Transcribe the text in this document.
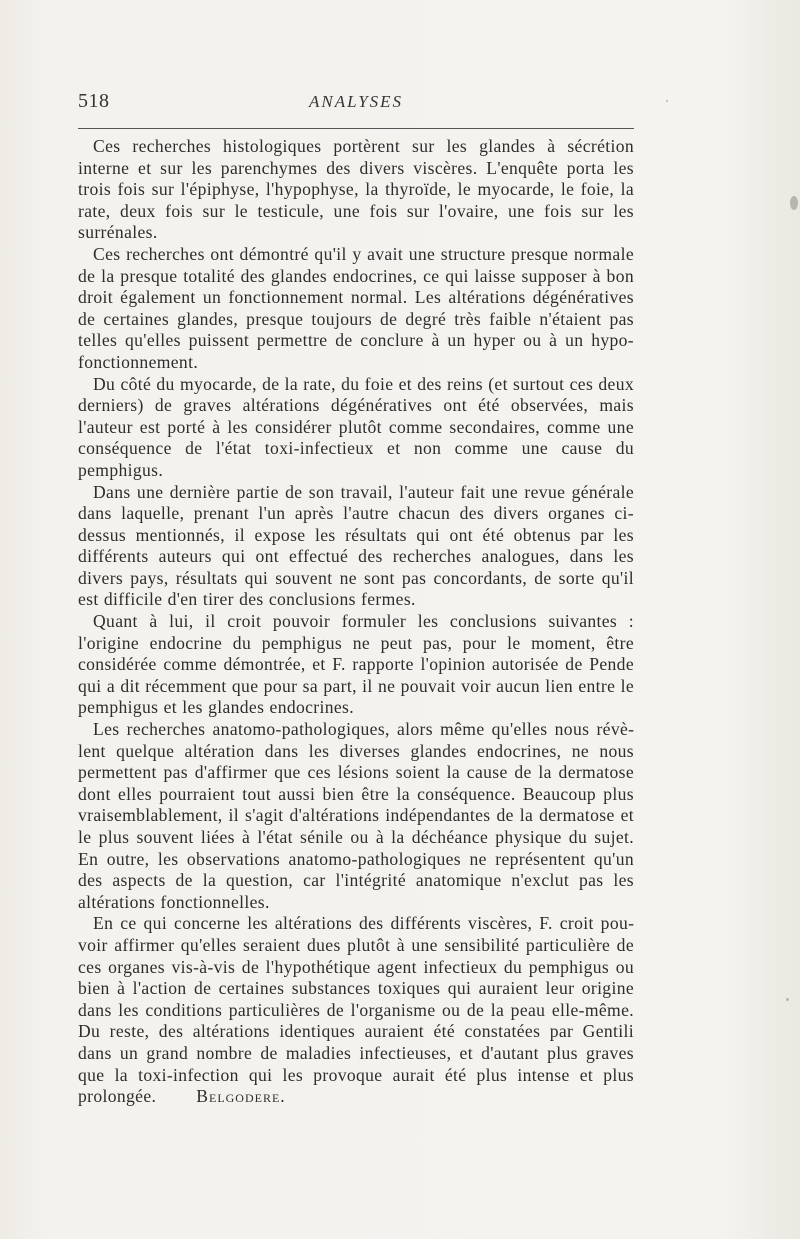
518	ANALYSES

Ces recherches histologiques portèrent sur les glandes à sécrétion interne et sur les parenchymes des divers viscères. L'enquête porta les trois fois sur l'épiphyse, l'hypophyse, la thyroïde, le myocarde, le foie, la rate, deux fois sur le testicule, une fois sur l'ovaire, une fois sur les surrénales.

Ces recherches ont démontré qu'il y avait une structure presque normale de la presque totalité des glandes endocrines, ce qui laisse supposer à bon droit également un fonctionnement normal. Les altérations dégénératives de certaines glandes, presque toujours de degré très faible n'étaient pas telles qu'elles puissent permettre de conclure à un hyper ou à un hypo-fonctionnement.

Du côté du myocarde, de la rate, du foie et des reins (et surtout ces deux derniers) de graves altérations dégénératives ont été observées, mais l'auteur est porté à les considérer plutôt comme secondaires, comme une conséquence de l'état toxi-infectieux et non comme une cause du pemphigus.

Dans une dernière partie de son travail, l'auteur fait une revue générale dans laquelle, prenant l'un après l'autre chacun des divers organes ci-dessus mentionnés, il expose les résultats qui ont été obtenus par les différents auteurs qui ont effectué des recherches analogues, dans les divers pays, résultats qui souvent ne sont pas concordants, de sorte qu'il est difficile d'en tirer des conclusions fermes.

Quant à lui, il croit pouvoir formuler les conclusions suivantes : l'origine endocrine du pemphigus ne peut pas, pour le moment, être considérée comme démontrée, et F. rapporte l'opinion autorisée de Pende qui a dit récemment que pour sa part, il ne pouvait voir aucun lien entre le pemphigus et les glandes endocrines.

Les recherches anatomo-pathologiques, alors même qu'elles nous révèlent quelque altération dans les diverses glandes endocrines, ne nous permettent pas d'affirmer que ces lésions soient la cause de la dermatose dont elles pourraient tout aussi bien être la conséquence. Beaucoup plus vraisemblablement, il s'agit d'altérations indépendantes de la dermatose et le plus souvent liées à l'état sénile ou à la déchéance physique du sujet. En outre, les observations anatomo-pathologiques ne représentent qu'un des aspects de la question, car l'intégrité anatomique n'exclut pas les altérations fonctionnelles.

En ce qui concerne les altérations des différents viscères, F. croit pouvoir affirmer qu'elles seraient dues plutôt à une sensibilité particulière de ces organes vis-à-vis de l'hypothétique agent infectieux du pemphigus ou bien à l'action de certaines substances toxiques qui auraient leur origine dans les conditions particulières de l'organisme ou de la peau elle-même. Du reste, des altérations identiques auraient été constatées par Gentili dans un grand nombre de maladies infectieuses, et d'autant plus graves que la toxi-infection qui les provoque aurait été plus intense et plus prolongée. Belgodere.
